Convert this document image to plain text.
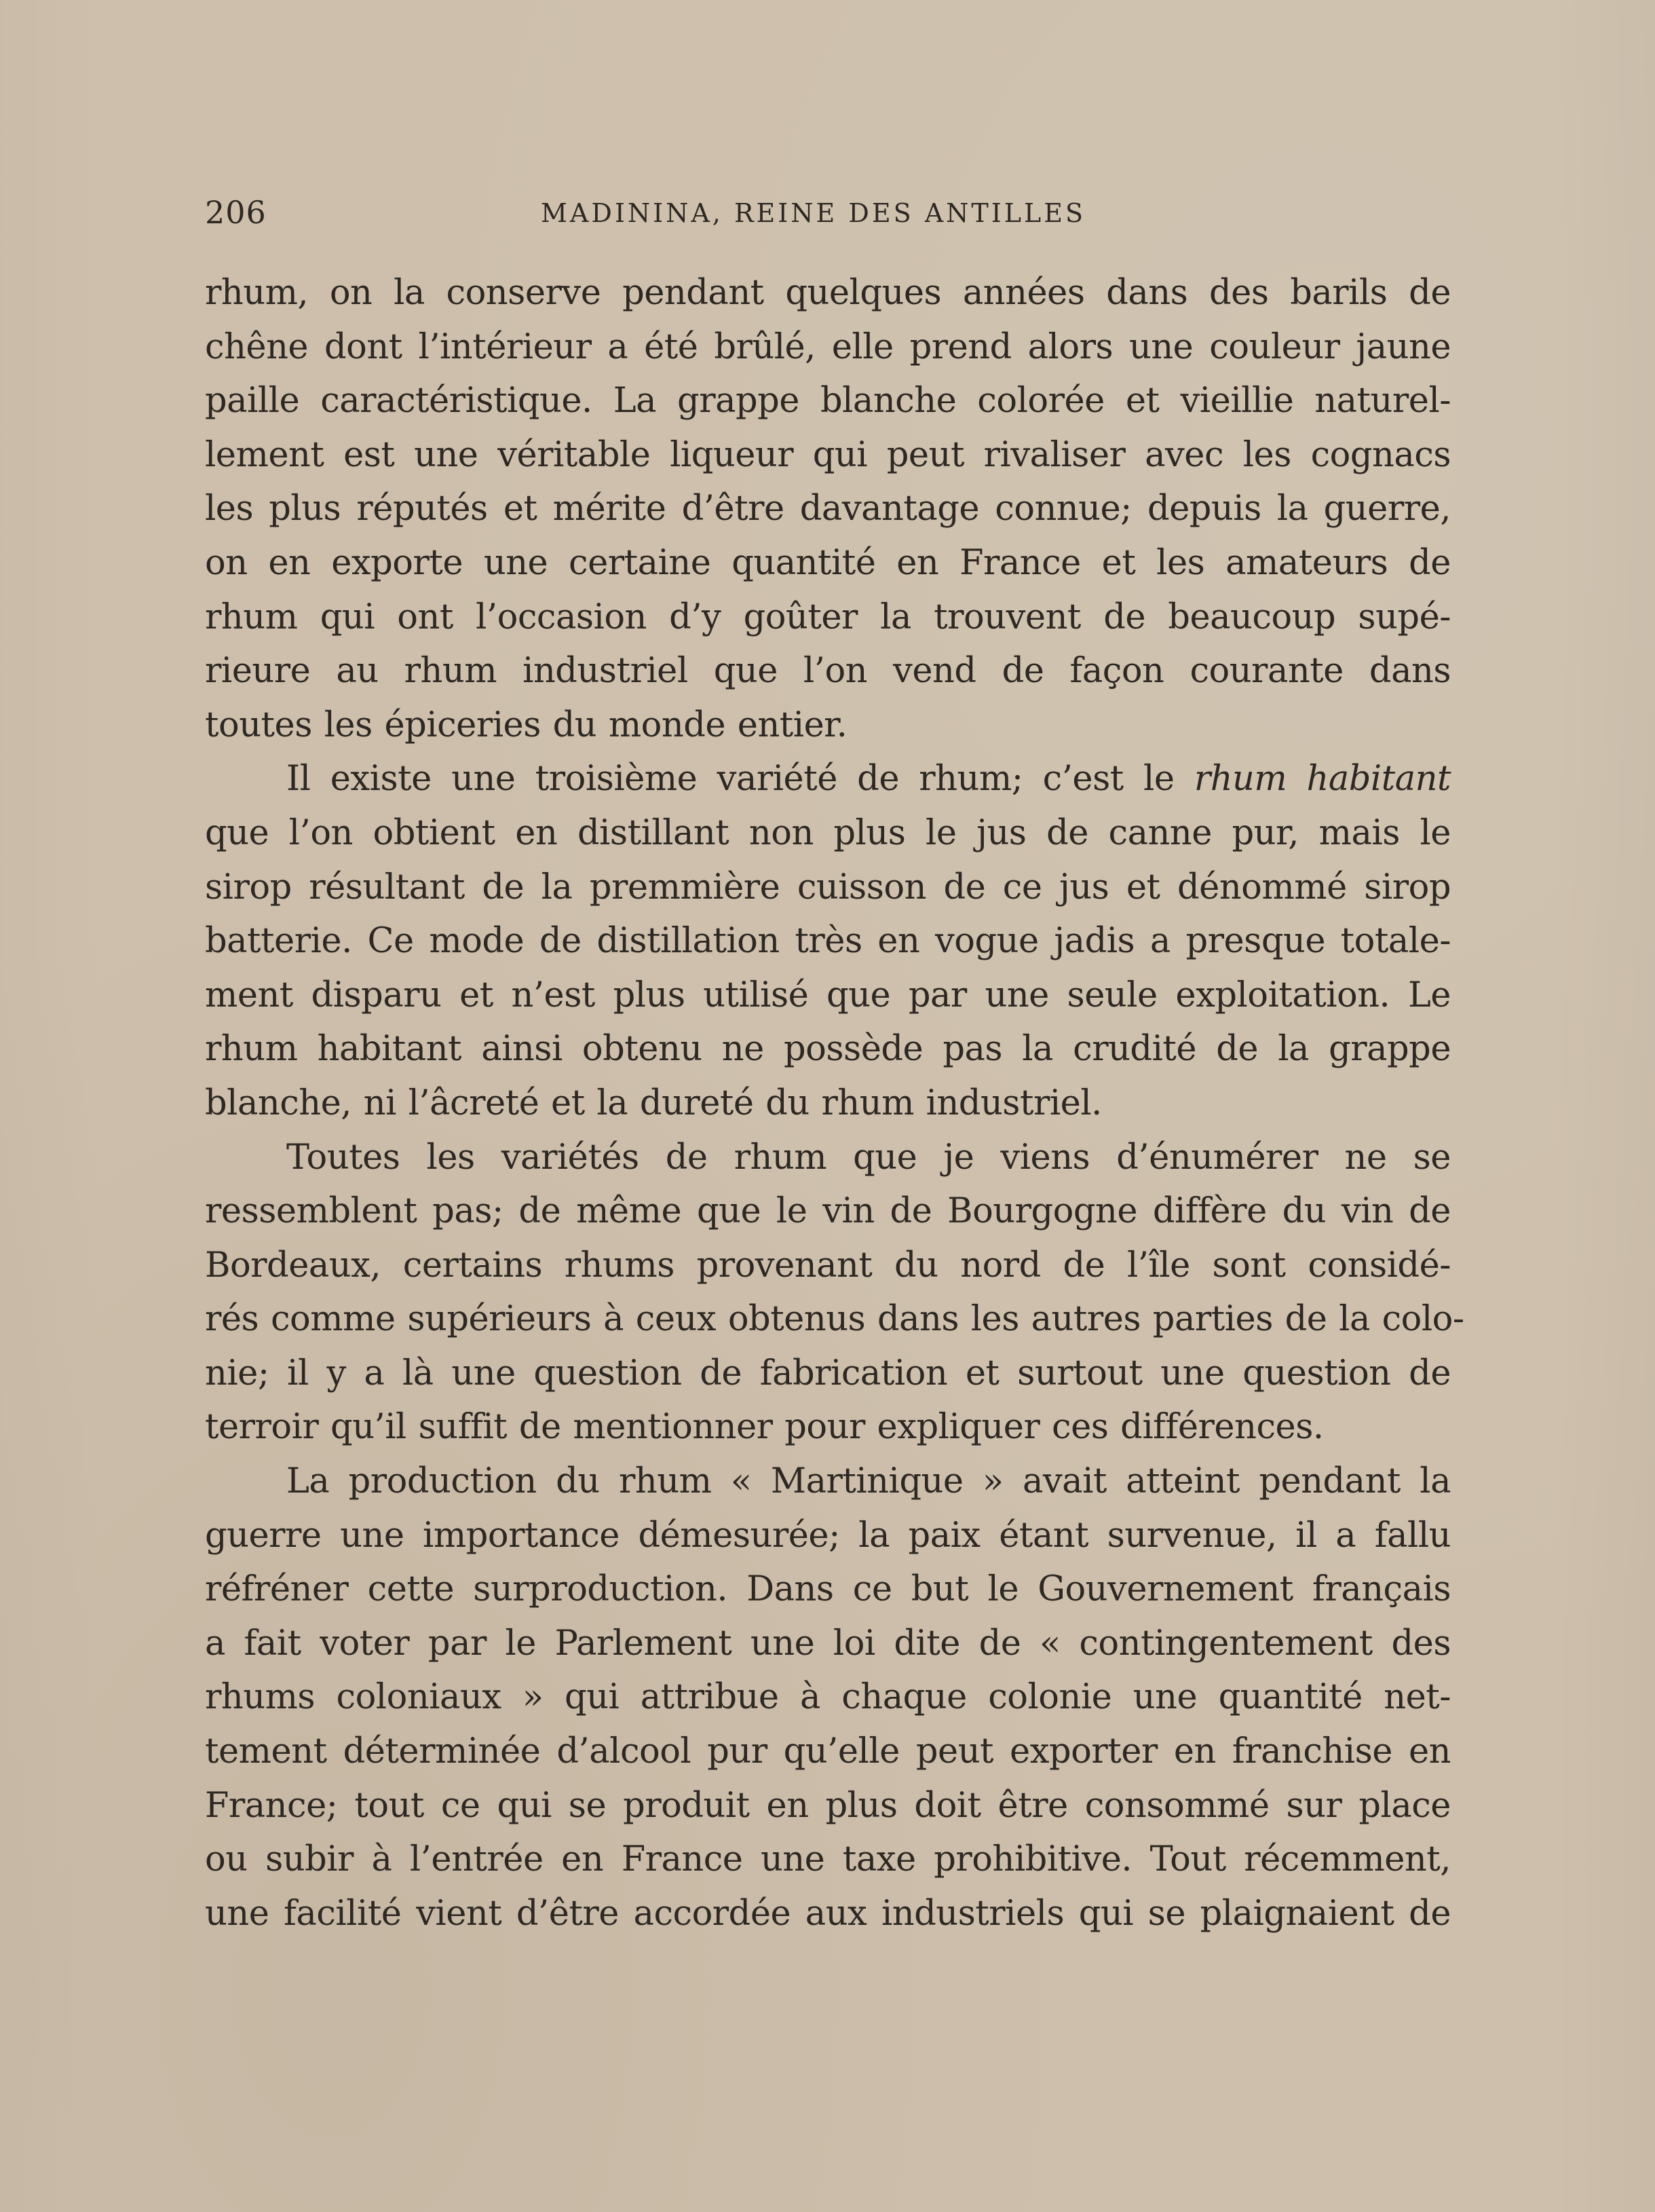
206	MADININA, REINE DES ANTILLES
rhum, on la conserve pendant quelques années dans des barils de
chêne dont l’intérieur a été brûlé, elle prend alors une couleur jaune
paille caractéristique. La grappe blanche colorée et vieillie naturel-
lement est une véritable liqueur qui peut rivaliser avec les cognacs
les plus réputés et mérite d’être davantage connue; depuis la guerre,
on en exporte une certaine quantité en France et les amateurs de
rhum qui ont l’occasion d’y goûter la trouvent de beaucoup supé-
rieure au rhum industriel que l’on vend de façon courante dans
toutes les épiceries du monde entier.
Il existe une troisième variété de rhum; c’est le rhum habitant
que l’on obtient en distillant non plus le jus de canne pur, mais le
sirop résultant de la premmière cuisson de ce jus et dénommé sirop
batterie. Ce mode de distillation très en vogue jadis a presque totale-
ment disparu et n’est plus utilisé que par une seule exploitation. Le
rhum habitant ainsi obtenu ne possède pas la crudité de la grappe
blanche, ni l’âcreté et la dureté du rhum industriel.
Toutes les variétés de rhum que je viens d’énumérer ne se
ressemblent pas; de même que le vin de Bourgogne diffère du vin de
Bordeaux, certains rhums provenant du nord de l’île sont considé-
rés comme supérieurs à ceux obtenus dans les autres parties de la colo-
nie; il y a là une question de fabrication et surtout une question de
terroir qu’il suffit de mentionner pour expliquer ces différences.
La production du rhum « Martinique » avait atteint pendant la
guerre une importance démesurée; la paix étant survenue, il a fallu
réfréner cette surproduction. Dans ce but le Gouvernement français
a fait voter par le Parlement une loi dite de « contingentement des
rhums coloniaux » qui attribue à chaque colonie une quantité net-
tement déterminée d’alcool pur qu’elle peut exporter en franchise en
France; tout ce qui se produit en plus doit être consommé sur place
ou subir à l’entrée en France une taxe prohibitive. Tout récemment,
une facilité vient d’être accordée aux industriels qui se plaignaient de
